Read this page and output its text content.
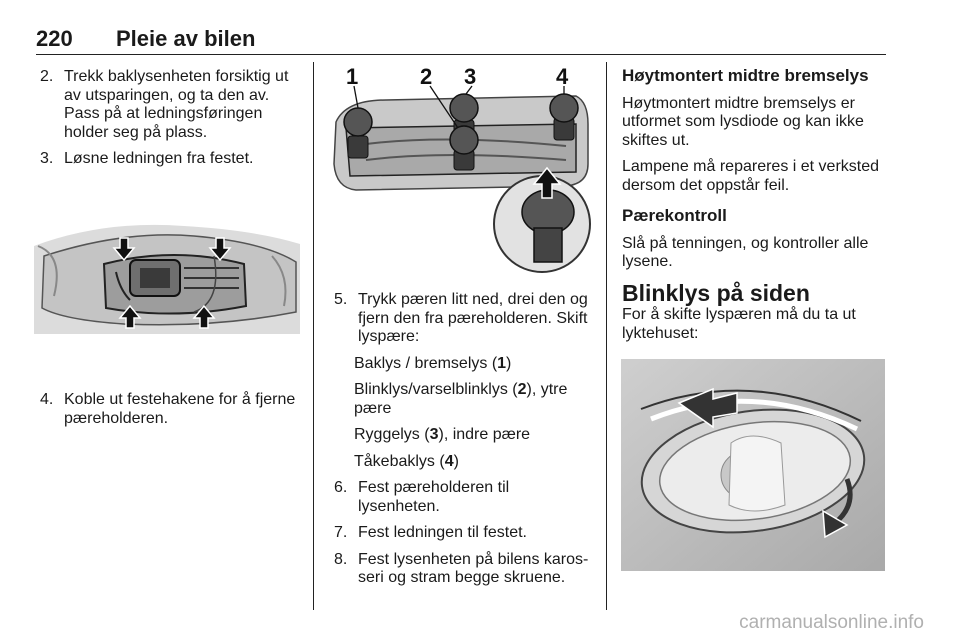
220 Pleie av bilen
2. Trekk baklysenheten forsiktig ut av utsparingen, og ta den av. Pass på at ledningsføringen holder seg på plass.
3. Løsne ledningen fra festet.
4. Koble ut festehakene for å fjerne pæreholderen.
1	2 3	4
5. Trykk pæren litt ned, drei den og fjern den fra pæreholderen. Skift lyspære:
Baklys / bremselys (1)
Blinklys/varselblinklys (2), ytre pære
Ryggelys (3), indre pære
Tåkebaklys (4)
6. Fest pæreholderen til lysenheten.
7. Fest ledningen til festet.
8. Fest lysenheten på bilens karosseri og stram begge skruene.
Høytmontert midtre bremselys

Høytmontert midtre bremselys er utformet som lysdiode og kan ikke skiftes ut.

Lampene må repareres i et verksted dersom det oppstår feil.

Pærekontroll

Slå på tenningen, og kontroller alle lysene.

Blinklys på siden

For å skifte lyspæren må du ta ut lyktehuset:

carmanualsonline.info
